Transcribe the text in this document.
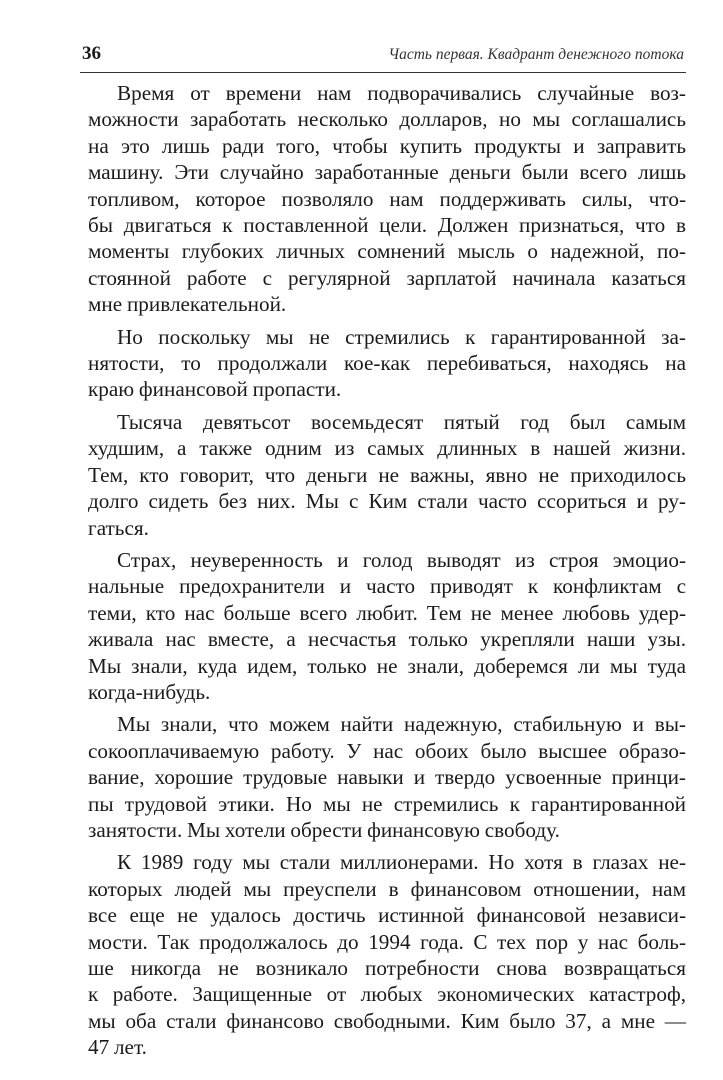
36	Часть первая. Квадрант денежного потока

Время от времени нам подворачивались случайные воз-
можности заработать несколько долларов, но мы соглашались
на это лишь ради того, чтобы купить продукты и заправить
машину. Эти случайно заработанные деньги были всего лишь
топливом, которое позволяло нам поддерживать силы, что-
бы двигаться к поставленной цели. Должен признаться, что в
моменты глубоких личных сомнений мысль о надежной, по-
стоянной работе с регулярной зарплатой начинала казаться
мне привлекательной.

Но поскольку мы не стремились к гарантированной за-
нятости, то продолжали кое-как перебиваться, находясь на
краю финансовой пропасти.

Тысяча девятьсот восемьдесят пятый год был самым
худшим, а также одним из самых длинных в нашей жизни.
Тем, кто говорит, что деньги не важны, явно не приходилось
долго сидеть без них. Мы с Ким стали часто ссориться и ру-
гаться.

Страх, неуверенность и голод выводят из строя эмоцио-
нальные предохранители и часто приводят к конфликтам с
теми, кто нас больше всего любит. Тем не менее любовь удер-
живала нас вместе, а несчастья только укрепляли наши узы.
Мы знали, куда идем, только не знали, доберемся ли мы туда
когда-нибудь.

Мы знали, что можем найти надежную, стабильную и вы-
сокооплачиваемую работу. У нас обоих было высшее образо-
вание, хорошие трудовые навыки и твердо усвоенные принци-
пы трудовой этики. Но мы не стремились к гарантированной
занятости. Мы хотели обрести финансовую свободу.

К 1989 году мы стали миллионерами. Но хотя в глазах не-
которых людей мы преуспели в финансовом отношении, нам
все еще не удалось достичь истинной финансовой независи-
мости. Так продолжалось до 1994 года. С тех пор у нас боль-
ше никогда не возникало потребности снова возвращаться
к работе. Защищенные от любых экономических катастроф,
мы оба стали финансово свободными. Ким было 37, а мне —
47 лет.
